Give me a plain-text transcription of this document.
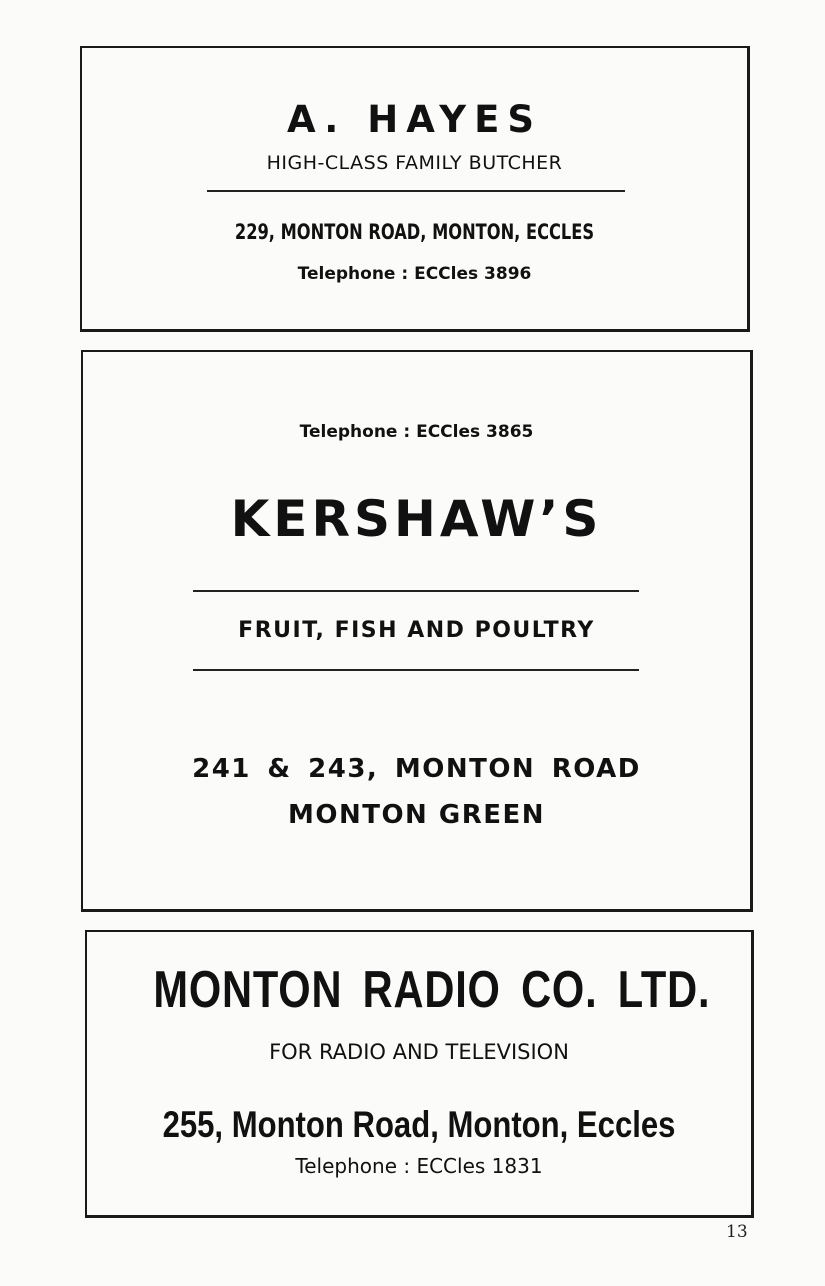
A. HAYES
HIGH-CLASS FAMILY BUTCHER
229, MONTON ROAD, MONTON, ECCLES
Telephone : ECCles 3896
Telephone : ECCles 3865
KERSHAW’S
FRUIT, FISH AND POULTRY
241 & 243, MONTON ROAD
MONTON GREEN
MONTON RADIO CO. LTD.
FOR RADIO AND TELEVISION
255, Monton Road, Monton, Eccles
Telephone : ECCles 1831
13
